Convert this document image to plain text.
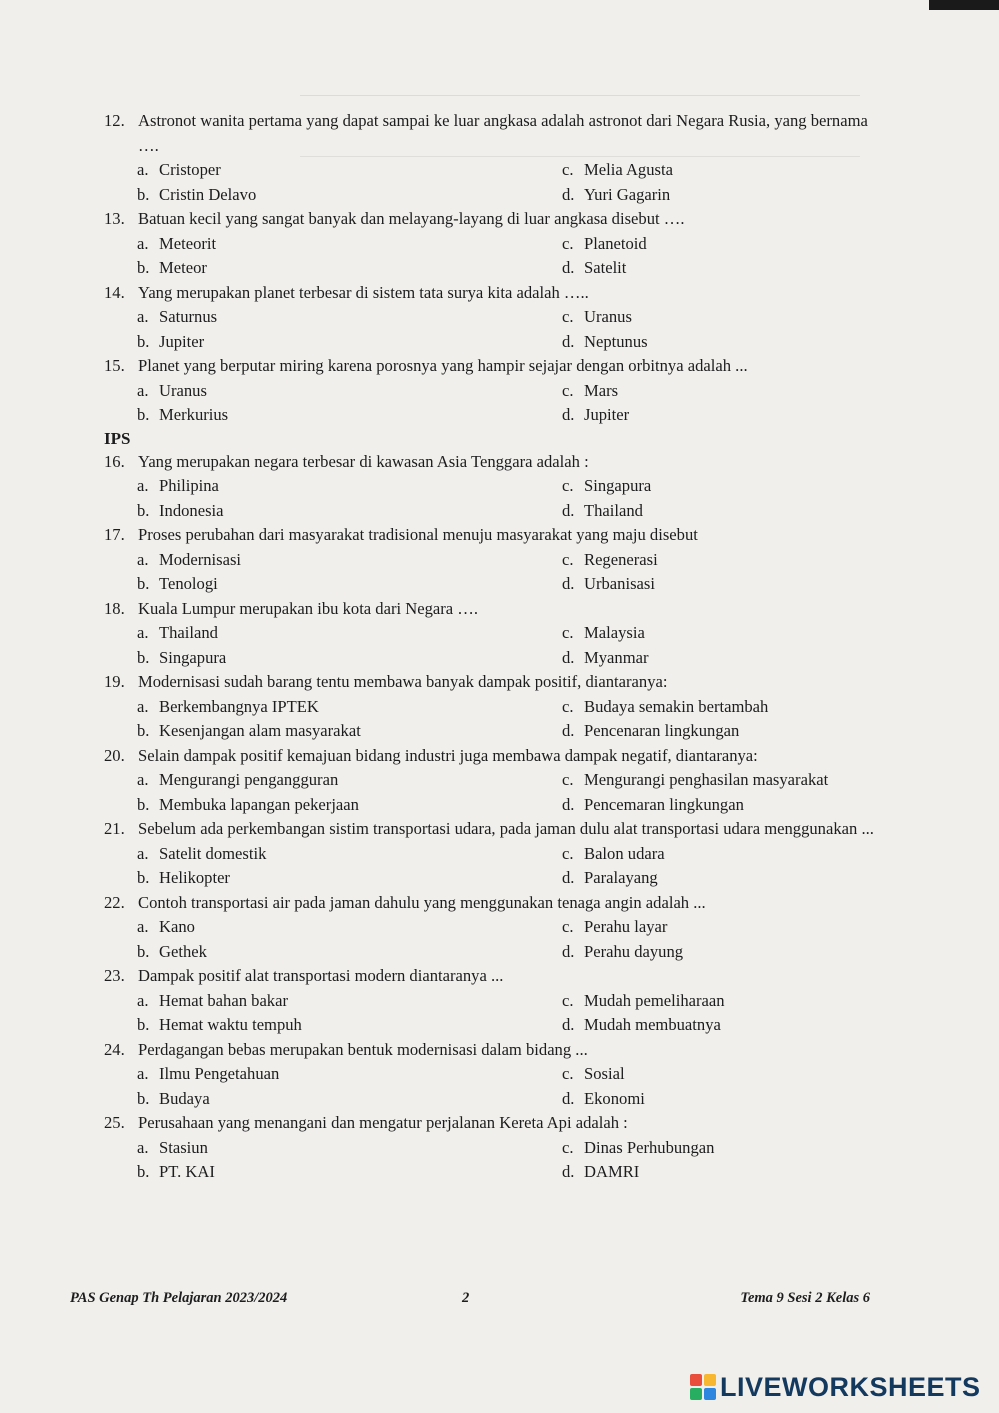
12. Astronot wanita pertama yang dapat sampai ke luar angkasa adalah astronot dari Negara Rusia, yang bernama ….
a. Cristoper
b. Cristin Delavo
c. Melia Agusta
d. Yuri Gagarin
13. Batuan kecil yang sangat banyak dan melayang-layang di luar angkasa disebut ….
a. Meteorit
b. Meteor
c. Planetoid
d. Satelit
14. Yang merupakan planet terbesar di sistem tata surya kita adalah …..
a. Saturnus
b. Jupiter
c. Uranus
d. Neptunus
15. Planet yang berputar miring karena porosnya yang hampir sejajar dengan orbitnya adalah ...
a. Uranus
b. Merkurius
c. Mars
d. Jupiter
IPS
16. Yang merupakan negara terbesar di kawasan Asia Tenggara adalah :
a. Philipina
b. Indonesia
c. Singapura
d. Thailand
17. Proses perubahan dari masyarakat tradisional menuju masyarakat yang maju disebut
a. Modernisasi
b. Tenologi
c. Regenerasi
d. Urbanisasi
18. Kuala Lumpur merupakan ibu kota dari Negara ….
a. Thailand
b. Singapura
c. Malaysia
d. Myanmar
19. Modernisasi sudah barang tentu membawa banyak dampak positif, diantaranya:
a. Berkembangnya IPTEK
b. Kesenjangan alam masyarakat
c. Budaya semakin bertambah
d. Pencenaran lingkungan
20. Selain dampak positif kemajuan bidang industri juga membawa dampak negatif, diantaranya:
a. Mengurangi pengangguran
b. Membuka lapangan pekerjaan
c. Mengurangi penghasilan masyarakat
d. Pencemaran lingkungan
21. Sebelum ada perkembangan sistim transportasi udara, pada jaman dulu alat transportasi udara menggunakan ...
a. Satelit domestik
b. Helikopter
c. Balon udara
d. Paralayang
22. Contoh transportasi air pada jaman dahulu yang menggunakan tenaga angin adalah ...
a. Kano
b. Gethek
c. Perahu layar
d. Perahu dayung
23. Dampak positif alat transportasi modern diantaranya ...
a. Hemat bahan bakar
b. Hemat waktu tempuh
c. Mudah pemeliharaan
d. Mudah membuatnya
24. Perdagangan bebas merupakan bentuk modernisasi dalam bidang ...
a. Ilmu Pengetahuan
b. Budaya
c. Sosial
d. Ekonomi
25. Perusahaan yang menangani dan mengatur perjalanan Kereta Api adalah :
a. Stasiun
b. PT. KAI
c. Dinas Perhubungan
d. DAMRI
PAS Genap Th Pelajaran 2023/2024	2	Tema 9 Sesi 2 Kelas 6
LIVEWORKSHEETS
